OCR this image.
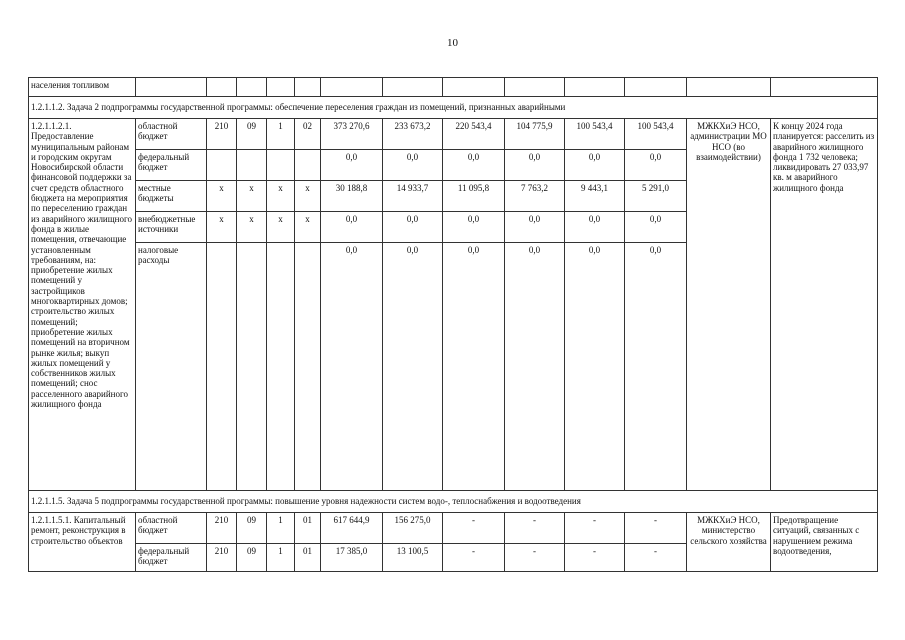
10
населения топливом													
1.2.1.1.2. Задача 2 подпрограммы государственной программы: обеспечение переселения граждан из помещений, признанных аварийными													
1.2.1.1.2.1. Предоставление муниципальным районам и городским округам Новосибирской области финансовой поддержки за счет средств областного бюджета на мероприятия по переселению граждан из аварийного жилищного фонда в жилые помещения, отвечающие установленным требованиям, на: приобретение жилых помещений у застройщиков многоквартирных домов; строительство жилых помещений; приобретение жилых помещений на вторичном рынке жилья; выкуп жилых помещений у собственников жилых помещений; снос расселенного аварийного жилищного фонда	областной бюджет	210	09	1	02	373 270,6	233 673,2	220 543,4	104 775,9	100 543,4	100 543,4	МЖКХиЭ НСО, администрации МО НСО (во взаимодействии)	К концу 2024 года планируется: расселить из аварийного жилищного фонда 1 732 человека; ликвидировать 27 033,97 кв. м аварийного жилищного фонда
	федеральный бюджет					0,0	0,0	0,0	0,0	0,0	0,0		
	местные бюджеты	x	x	x	x	30 188,8	14 933,7	11 095,8	7 763,2	9 443,1	5 291,0		
	внебюджетные источники	x	x	x	x	0,0	0,0	0,0	0,0	0,0	0,0		
	налоговые расходы					0,0	0,0	0,0	0,0	0,0	0,0		
1.2.1.1.5. Задача 5 подпрограммы государственной программы: повышение уровня надежности систем водо-, теплоснабжения и водоотведения													
1.2.1.1.5.1. Капитальный ремонт, реконструкция в строительство объектов	областной бюджет	210	09	1	01	617 644,9	156 275,0	-	-	-	-	МЖКХиЭ НСО, министерство сельского хозяйства	Предотвращение ситуаций, связанных с нарушением режима водоотведения,
	федеральный бюджет	210	09	1	01	17 385,0	13 100,5	-	-	-	-		
